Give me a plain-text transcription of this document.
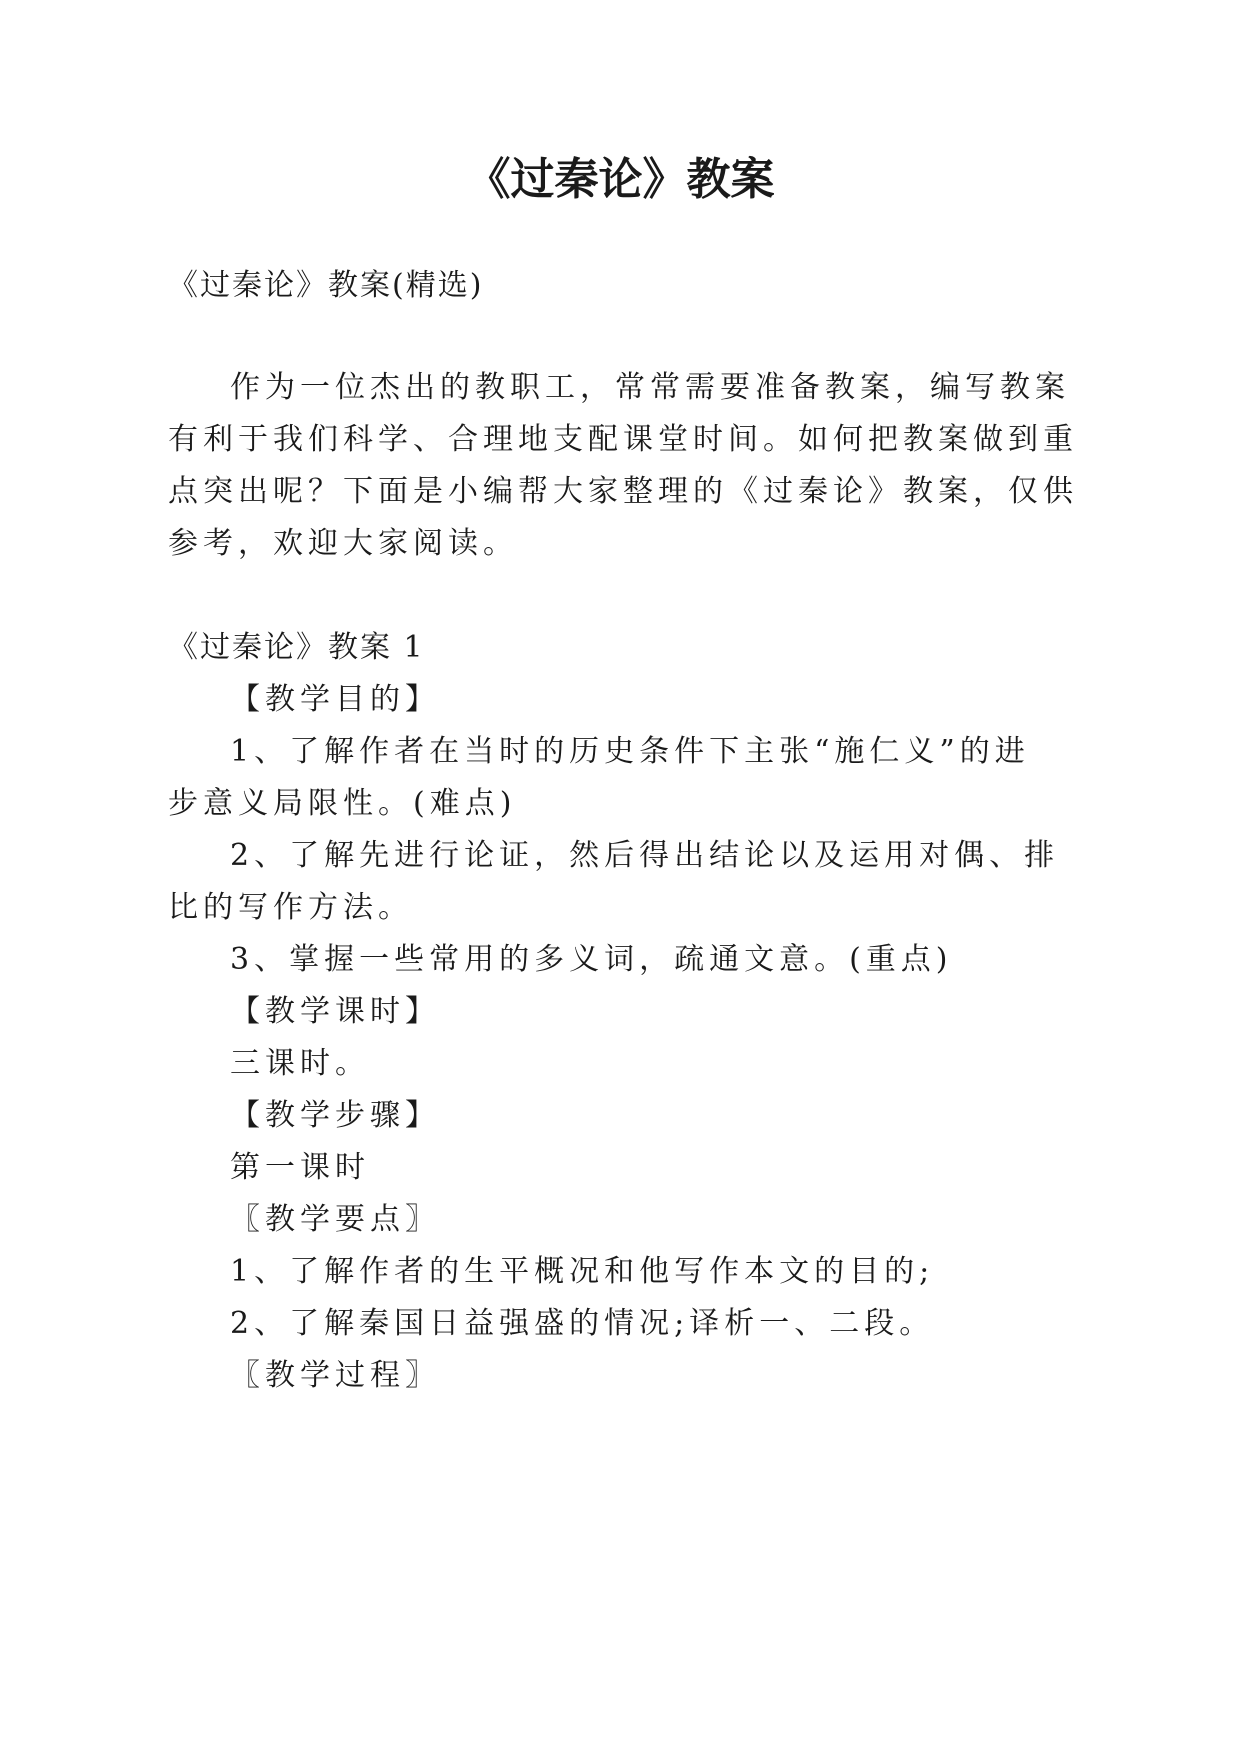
《过秦论》教案
《过秦论》教案(精选)
作为一位杰出的教职工，常常需要准备教案，编写教案
有利于我们科学、合理地支配课堂时间。如何把教案做到重
点突出呢？下面是小编帮大家整理的《过秦论》教案，仅供
参考，欢迎大家阅读。
《过秦论》教案 1
【教学目的】
1、了解作者在当时的历史条件下主张“施仁义”的进
步意义局限性。(难点)
2、了解先进行论证，然后得出结论以及运用对偶、排
比的写作方法。
3、掌握一些常用的多义词，疏通文意。(重点)
【教学课时】
三课时。
【教学步骤】
第一课时
〖教学要点〗
1、了解作者的生平概况和他写作本文的目的;
2、了解秦国日益强盛的情况;译析一、二段。
〖教学过程〗
